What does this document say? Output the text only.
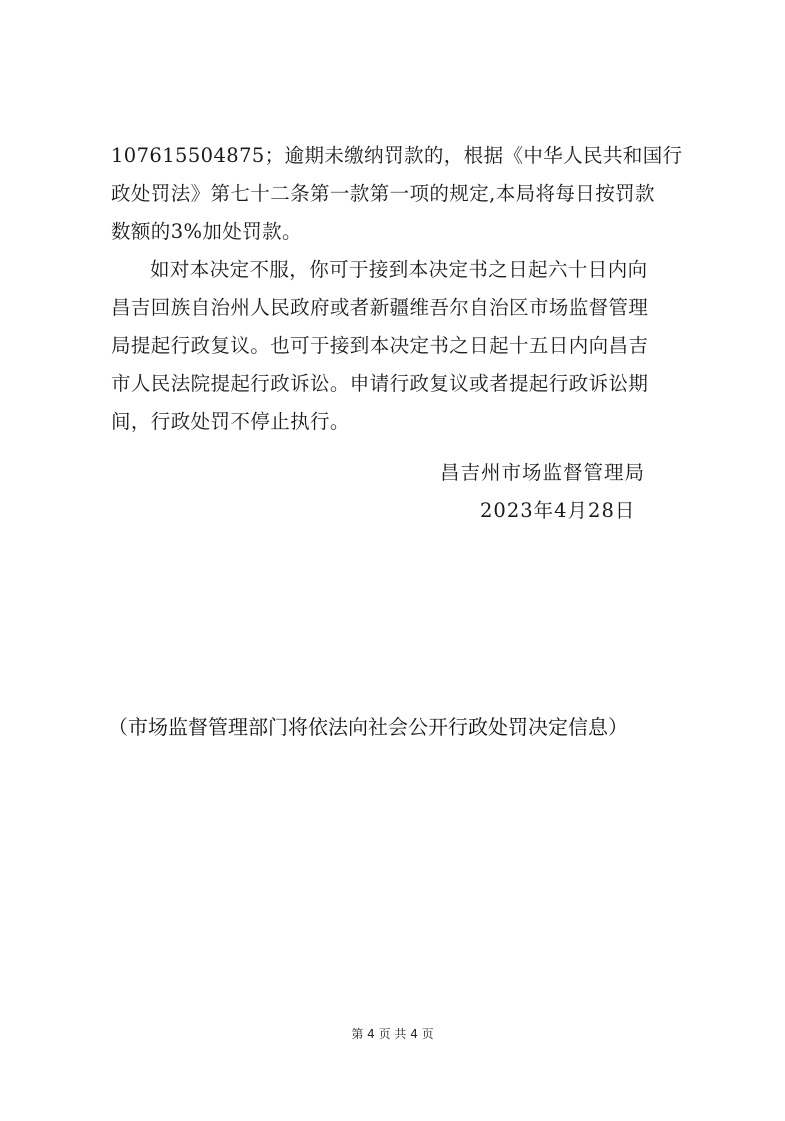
107615504875；逾期未缴纳罚款的，根据《中华人民共和国行
政处罚法》第七十二条第一款第一项的规定,本局将每日按罚款
数额的3%加处罚款。
如对本决定不服，你可于接到本决定书之日起六十日内向
昌吉回族自治州人民政府或者新疆维吾尔自治区市场监督管理
局提起行政复议。也可于接到本决定书之日起十五日内向昌吉
市人民法院提起行政诉讼。申请行政复议或者提起行政诉讼期
间，行政处罚不停止执行。
昌吉州市场监督管理局
2023年4月28日
（市场监督管理部门将依法向社会公开行政处罚决定信息）
第 4 页 共 4 页
